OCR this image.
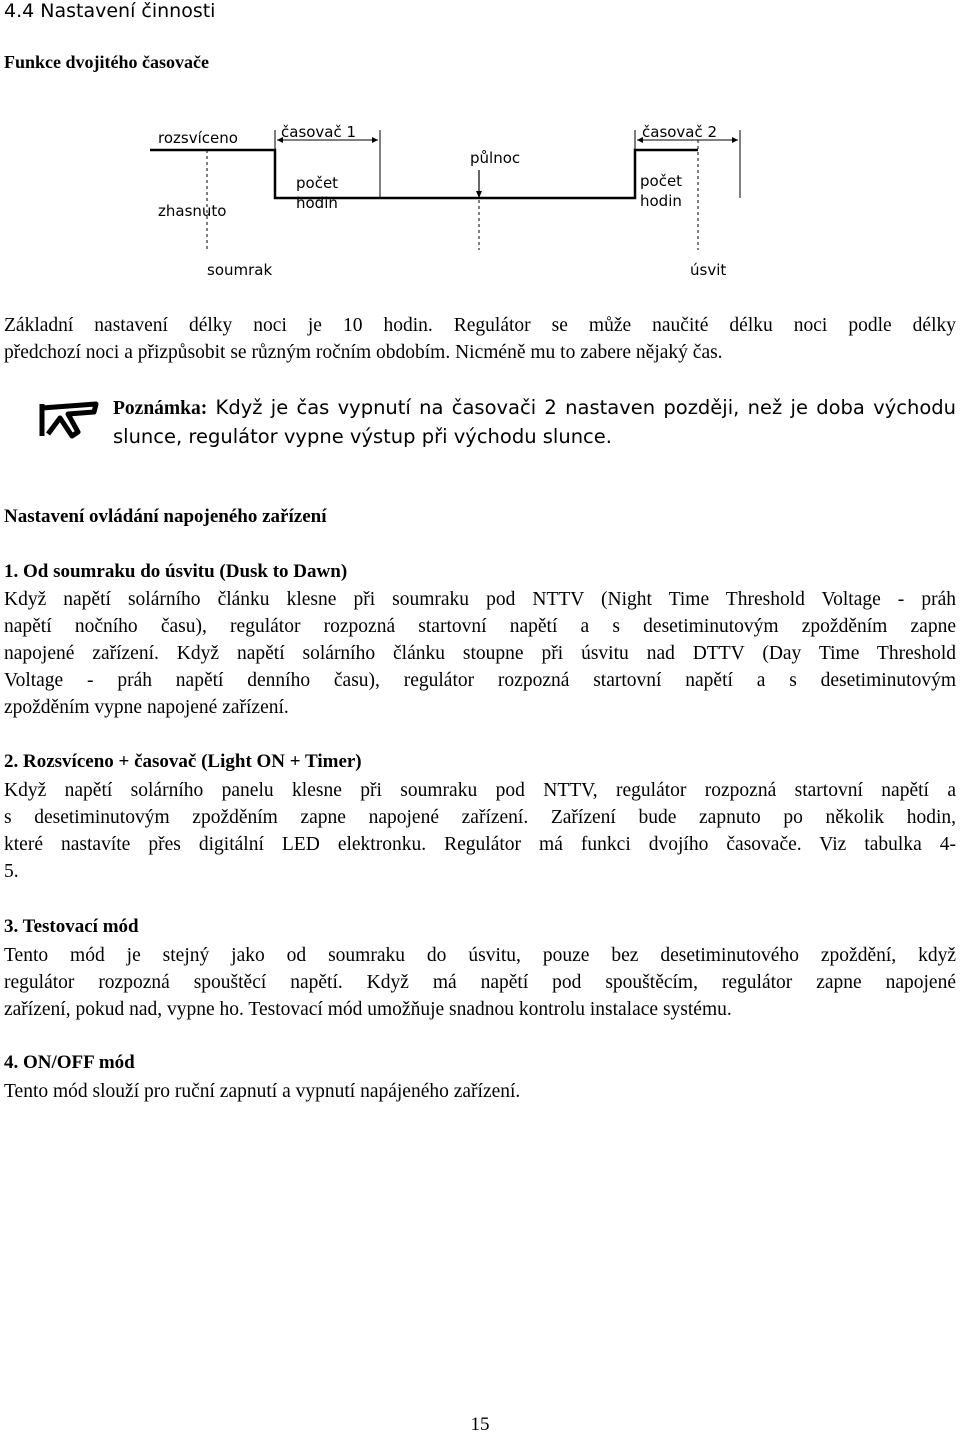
4.4 Nastavení činnosti
Funkce dvojitého časovače
rozsvíceno
zhasnuto
časovač 1	časovač 2
půlnoc
počet
hodin
počet
hodin
soumrak	úsvit
Základní nastavení délky noci je 10 hodin. Regulátor se může naučité délku noci podle délky
předchozí noci a přizpůsobit se různým ročním obdobím. Nicméně mu to zabere nějaký čas.
Poznámka: Když je čas vypnutí na časovači 2 nastaven později, než je doba východu
slunce, regulátor vypne výstup při východu slunce.
Nastavení ovládání napojeného zařízení
1. Od soumraku do úsvitu (Dusk to Dawn)
Když napětí solárního článku klesne při soumraku pod NTTV (Night Time Threshold Voltage - práh
napětí nočního času), regulátor rozpozná startovní napětí a s desetiminutovým zpožděním zapne
napojené zařízení. Když napětí solárního článku stoupne při úsvitu nad DTTV (Day Time Threshold
Voltage - práh napětí denního času), regulátor rozpozná startovní napětí a s desetiminutovým
zpožděním vypne napojené zařízení.
2. Rozsvíceno + časovač (Light ON + Timer)
Když napětí solárního panelu klesne při soumraku pod NTTV, regulátor rozpozná startovní napětí a
s desetiminutovým zpožděním zapne napojené zařízení. Zařízení bude zapnuto po několik hodin,
které nastavíte přes digitální LED elektronku. Regulátor má funkci dvojího časovače. Viz tabulka 4-
5.
3. Testovací mód
Tento mód je stejný jako od soumraku do úsvitu, pouze bez desetiminutového zpoždění, když
regulátor rozpozná spouštěcí napětí. Když má napětí pod spouštěcím, regulátor zapne napojené
zařízení, pokud nad, vypne ho. Testovací mód umožňuje snadnou kontrolu instalace systému.
4. ON/OFF mód
Tento mód slouží pro ruční zapnutí a vypnutí napájeného zařízení.
15
